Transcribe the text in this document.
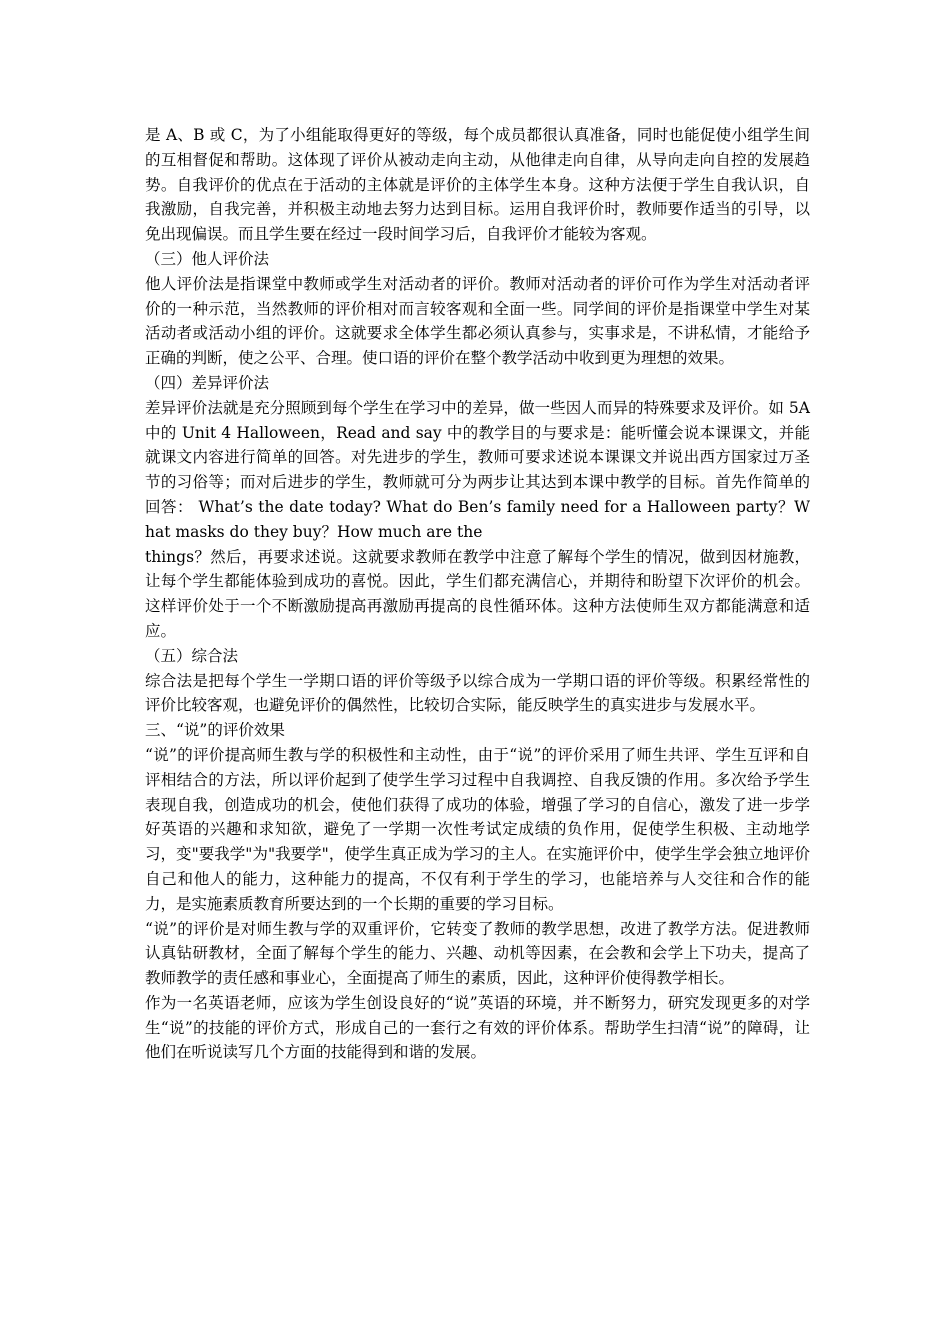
是 A、B 或 C，为了小组能取得更好的等级，每个成员都很认真准备，同时也能促使小组学生间的互相督促和帮助。这体现了评价从被动走向主动，从他律走向自律，从导向走向自控的发展趋势。自我评价的优点在于活动的主体就是评价的主体学生本身。这种方法便于学生自我认识，自我激励，自我完善，并积极主动地去努力达到目标。运用自我评价时，教师要作适当的引导，以免出现偏误。而且学生要在经过一段时间学习后，自我评价才能较为客观。

（三）他人评价法

他人评价法是指课堂中教师或学生对活动者的评价。教师对活动者的评价可作为学生对活动者评价的一种示范，当然教师的评价相对而言较客观和全面一些。同学间的评价是指课堂中学生对某活动者或活动小组的评价。这就要求全体学生都必须认真参与，实事求是，不讲私情，才能给予正确的判断，使之公平、合理。使口语的评价在整个教学活动中收到更为理想的效果。

（四）差异评价法

差异评价法就是充分照顾到每个学生在学习中的差异，做一些因人而异的特殊要求及评价。如 5A 中的 Unit 4 Halloween，Read and say 中的教学目的与要求是：能听懂会说本课课文，并能就课文内容进行简单的回答。对先进步的学生，教师可要求述说本课课文并说出西方国家过万圣节的习俗等；而对后进步的学生，教师就可分为两步让其达到本课中教学的目标。首先作简单的回答： What’s the date today? What do Ben’s family need for a Halloween party？What masks do they buy？How much are the

things？然后，再要求述说。这就要求教师在教学中注意了解每个学生的情况，做到因材施教，让每个学生都能体验到成功的喜悦。因此，学生们都充满信心，并期待和盼望下次评价的机会。这样评价处于一个不断激励提高再激励再提高的良性循环体。这种方法使师生双方都能满意和适应。

（五）综合法

综合法是把每个学生一学期口语的评价等级予以综合成为一学期口语的评价等级。积累经常性的评价比较客观，也避免评价的偶然性，比较切合实际，能反映学生的真实进步与发展水平。

三、“说”的评价效果

“说”的评价提高师生教与学的积极性和主动性，由于“说”的评价采用了师生共评、学生互评和自评相结合的方法，所以评价起到了使学生学习过程中自我调控、自我反馈的作用。多次给予学生表现自我，创造成功的机会，使他们获得了成功的体验，增强了学习的自信心，激发了进一步学好英语的兴趣和求知欲，避免了一学期一次性考试定成绩的负作用，促使学生积极、主动地学习，变"要我学"为"我要学"，使学生真正成为学习的主人。在实施评价中，使学生学会独立地评价自己和他人的能力，这种能力的提高，不仅有利于学生的学习，也能培养与人交往和合作的能力，是实施素质教育所要达到的一个长期的重要的学习目标。

“说”的评价是对师生教与学的双重评价，它转变了教师的教学思想，改进了教学方法。促进教师认真钻研教材，全面了解每个学生的能力、兴趣、动机等因素，在会教和会学上下功夫，提高了教师教学的责任感和事业心，全面提高了师生的素质，因此，这种评价使得教学相长。

作为一名英语老师，应该为学生创设良好的“说”英语的环境，并不断努力，研究发现更多的对学生“说”的技能的评价方式，形成自己的一套行之有效的评价体系。帮助学生扫清“说”的障碍，让他们在听说读写几个方面的技能得到和谐的发展。
